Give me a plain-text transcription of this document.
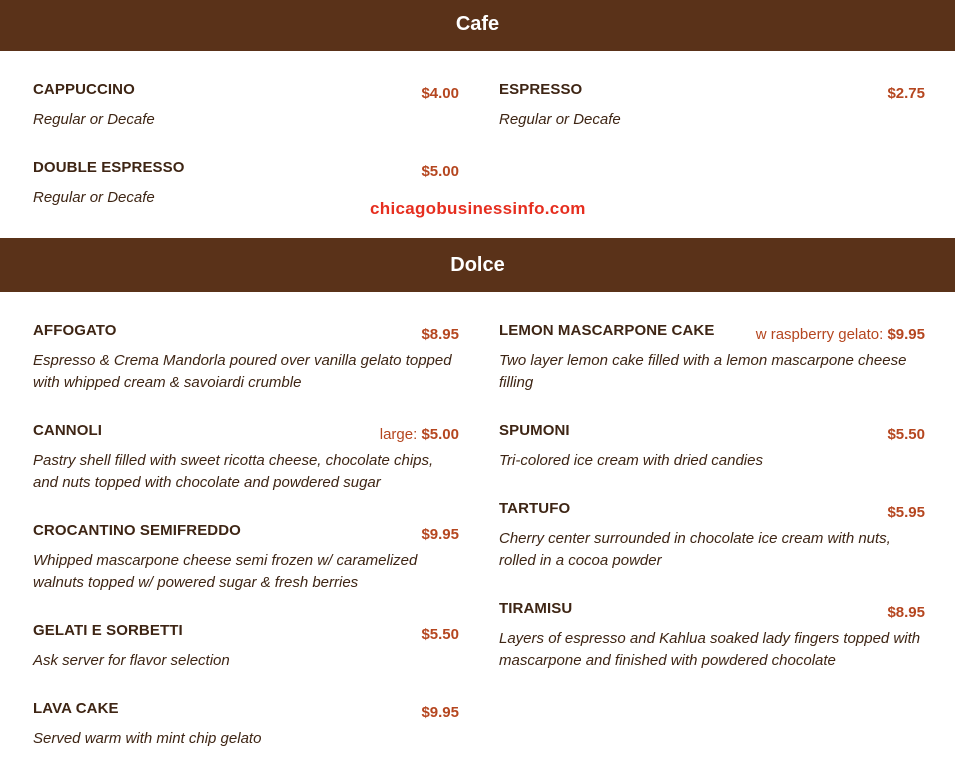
Cafe
CAPPUCCINO	$4.00
Regular or Decafe
ESPRESSO	$2.75
Regular or Decafe
DOUBLE ESPRESSO	$5.00
Regular or Decafe
chicagobusinessinfo.com
Dolce
AFFOGATO	$8.95
Espresso & Crema Mandorla poured over vanilla gelato topped with whipped cream & savoiardi crumble
CANNOLI	large: $5.00
Pastry shell filled with sweet ricotta cheese, chocolate chips, and nuts topped with chocolate and powdered sugar
CROCANTINO SEMIFREDDO	$9.95
Whipped mascarpone cheese semi frozen w/ caramelized walnuts topped w/ powered sugar & fresh berries
GELATI E SORBETTI	$5.50
Ask server for flavor selection
LAVA CAKE	$9.95
Served warm with mint chip gelato
LEMON MASCARPONE CAKE	w raspberry gelato: $9.95
Two layer lemon cake filled with a lemon mascarpone cheese filling
SPUMONI	$5.50
Tri-colored ice cream with dried candies
TARTUFO	$5.95
Cherry center surrounded in chocolate ice cream with nuts, rolled in a cocoa powder
TIRAMISU	$8.95
Layers of espresso and Kahlua soaked lady fingers topped with mascarpone and finished with powdered chocolate
